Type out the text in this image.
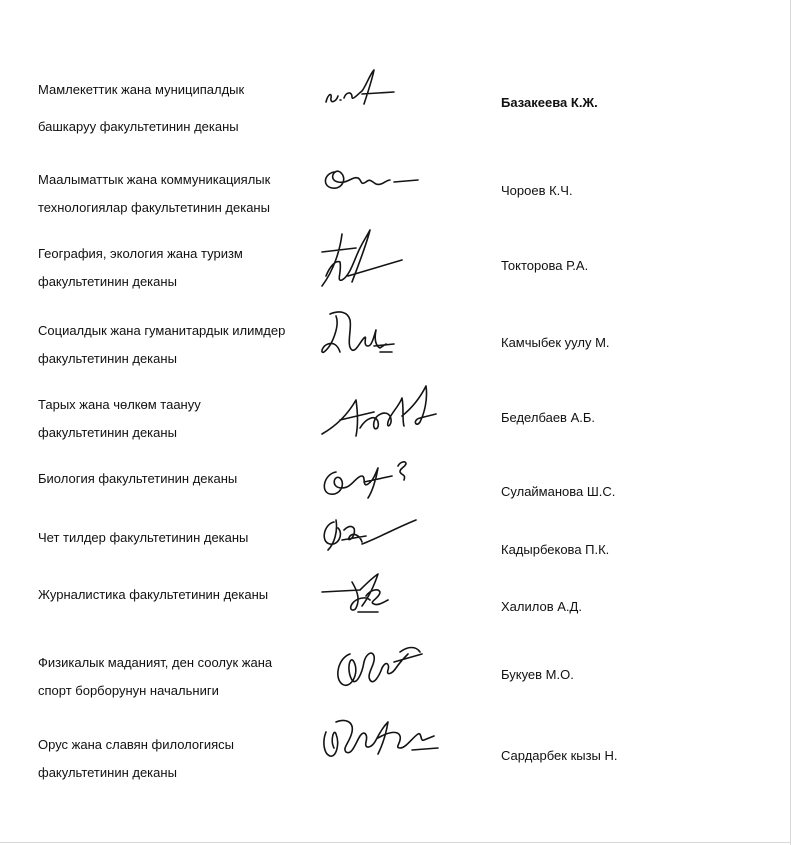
Мамлекеттик жана муниципалдык
башкаруу факультетинин деканы
Базакеева К.Ж.
Маалыматтык жана коммуникациялык
технологиялар факультетинин деканы
Чороев К.Ч.
География, экология жана туризм
факультетинин деканы
Токторова Р.А.
Социалдык жана гуманитардык илимдер
факультетинин деканы
Камчыбек уулу М.
Тарых жана чөлкөм таануу
факультетинин деканы
Беделбаев А.Б.
Биология факультетинин деканы
Сулайманова Ш.С.
Чет тилдер факультетинин деканы
Кадырбекова П.К.
Журналистика факультетинин деканы
Халилов А.Д.
Физикалык маданият, ден соолук жана
спорт борборунун начальниги
Букуев М.О.
Орус жана славян филологиясы
факультетинин деканы
Сардарбек кызы Н.
